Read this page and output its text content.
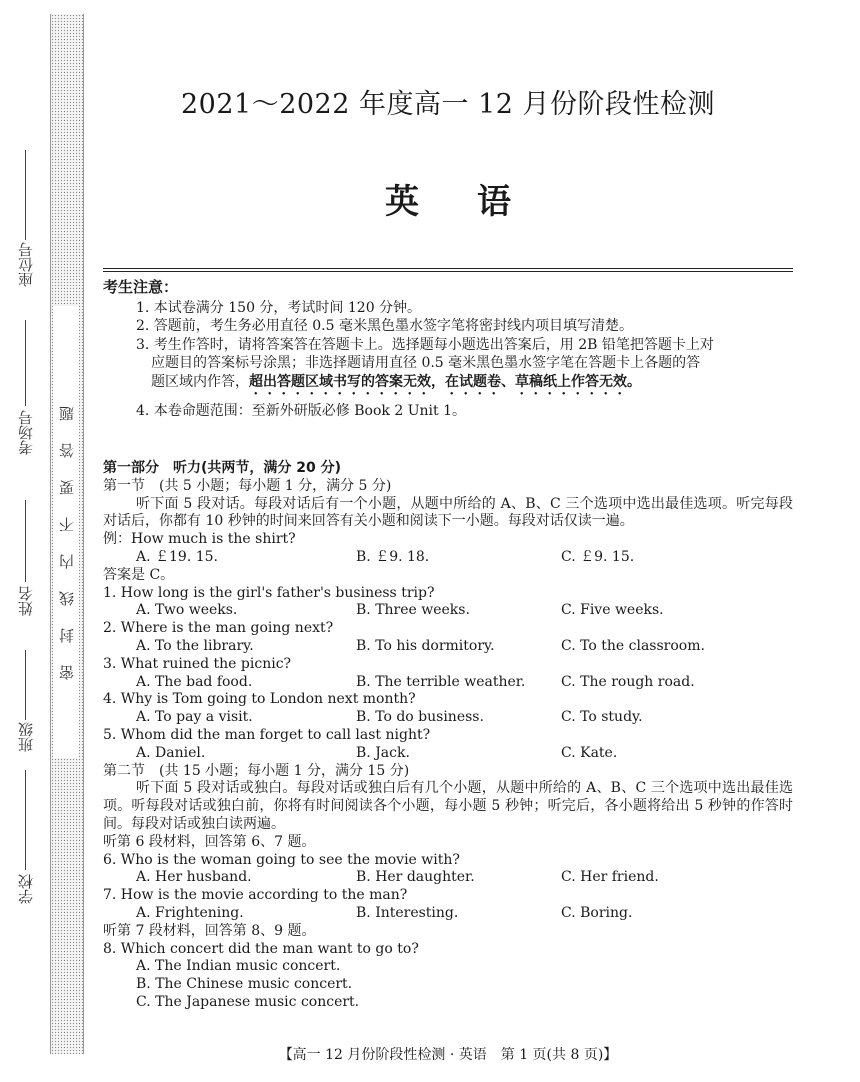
密封线内不要答题
座位号
考场号
姓名
班级
学校
2021～2022 年度高一 12 月份阶段性检测
英语
考生注意：
1. 本试卷满分 150 分，考试时间 120 分钟。
2. 答题前，考生务必用直径 0.5 毫米黑色墨水签字笔将密封线内项目填写清楚。
3. 考生作答时，请将答案答在答题卡上。选择题每小题选出答案后，用 2B 铅笔把答题卡上对
应题目的答案标号涂黑；非选择题请用直径 0.5 毫米黑色墨水签字笔在答题卡上各题的答
题区域内作答，超出答题区域书写的答案无效，在试题卷、草稿纸上作答无效。
4. 本卷命题范围：至新外研版必修 Book 2 Unit 1。
第一部分　听力(共两节，满分 20 分)
第一节　(共 5 小题；每小题 1 分，满分 5 分)
听下面 5 段对话。每段对话后有一个小题，从题中所给的 A、B、C 三个选项中选出最佳选项。听完每段对话后，你都有 10 秒钟的时间来回答有关小题和阅读下一小题。每段对话仅读一遍。
例：How much is the shirt?
A. ￡19. 15.	B. ￡9. 18.	C. ￡9. 15.
答案是 C。
1. How long is the girl's father's business trip?
A. Two weeks.	B. Three weeks.	C. Five weeks.
2. Where is the man going next?
A. To the library.	B. To his dormitory.	C. To the classroom.
3. What ruined the picnic?
A. The bad food.	B. The terrible weather.	C. The rough road.
4. Why is Tom going to London next month?
A. To pay a visit.	B. To do business.	C. To study.
5. Whom did the man forget to call last night?
A. Daniel.	B. Jack.	C. Kate.
第二节　(共 15 小题；每小题 1 分，满分 15 分)
听下面 5 段对话或独白。每段对话或独白后有几个小题，从题中所给的 A、B、C 三个选项中选出最佳选项。听每段对话或独白前，你将有时间阅读各个小题，每小题 5 秒钟；听完后，各小题将给出 5 秒钟的作答时间。每段对话或独白读两遍。
听第 6 段材料，回答第 6、7 题。
6. Who is the woman going to see the movie with?
A. Her husband.	B. Her daughter.	C. Her friend.
7. How is the movie according to the man?
A. Frightening.	B. Interesting.	C. Boring.
听第 7 段材料，回答第 8、9 题。
8. Which concert did the man want to go to?
A. The Indian music concert.
B. The Chinese music concert.
C. The Japanese music concert.
【高一 12 月份阶段性检测 · 英语　第 1 页(共 8 页)】
